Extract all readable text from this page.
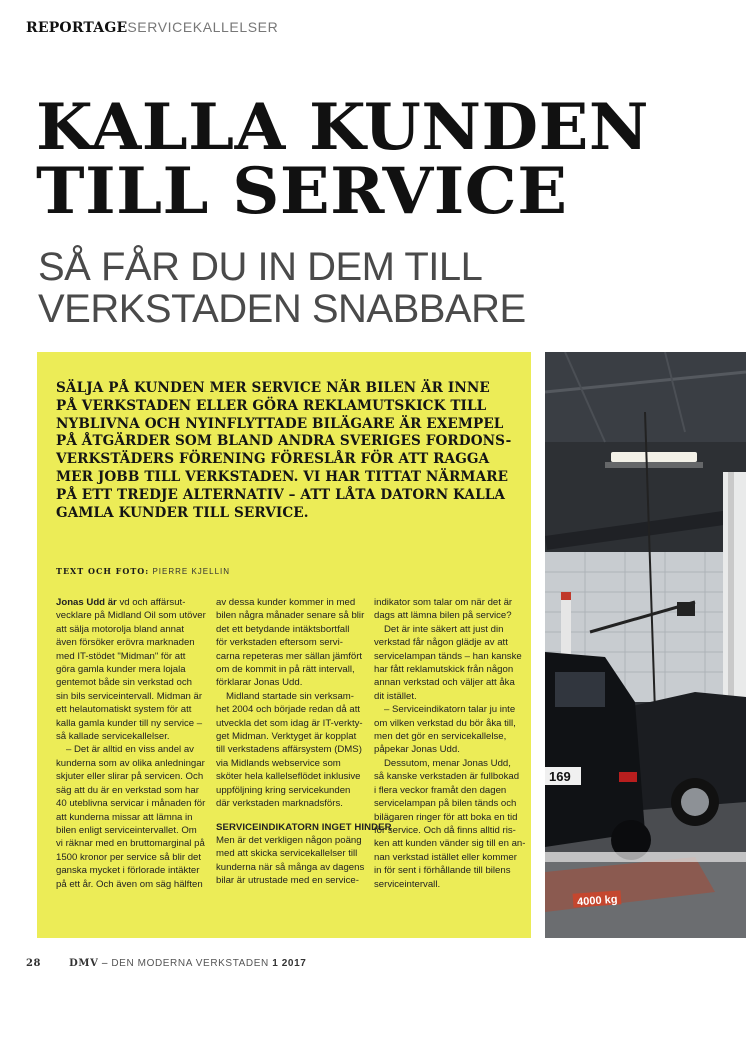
REPORTAGESERVICEKALLELSER
KALLA KUNDEN
TILL SERVICE
SÅ FÅR DU IN DEM TILL
VERKSTADEN SNABBARE

SÄLJA PÅ KUNDEN MER SERVICE NÄR BILEN ÄR INNE
PÅ VERKSTADEN ELLER GÖRA REKLAMUTSKICK TILL
NYBLIVNA OCH NYINFLYTTADE BILÄGARE ÄR EXEMPEL
PÅ ÅTGÄRDER SOM BLAND ANDRA SVERIGES FORDONS-
VERKSTÄDERS FÖRENING FÖRESLÅR FÖR ATT RAGGA
MER JOBB TILL VERKSTADEN. VI HAR TITTAT NÄRMARE
PÅ ETT TREDJE ALTERNATIV – ATT LÅTA DATORN KALLA
GAMLA KUNDER TILL SERVICE.

TEXT OCH FOTO: PIERRE KJELLIN
Jonas Udd är vd och affärsut-
vecklare på Midland Oil som utöver
att sälja motorolja bland annat
även försöker erövra marknaden
med IT-stödet "Midman" för att
göra gamla kunder mera lojala
gentemot både sin verkstad och
sin bils serviceintervall. Midman är
ett helautomatiskt system för att
kalla gamla kunder till ny service –
så kallade servicekallelser.
– Det är alltid en viss andel av
kunderna som av olika anledningar
skjuter eller slirar på servicen. Och
säg att du är en verkstad som har
40 uteblivna servicar i månaden för
att kunderna missar att lämna in
bilen enligt serviceintervallet. Om
vi räknar med en bruttomarginal på
1500 kronor per service så blir det
ganska mycket i förlorade intäkter
på ett år. Och även om säg hälften
av dessa kunder kommer in med
bilen några månader senare så blir
det ett betydande intäktsbortfall
för verkstaden eftersom servi-
carna repeteras mer sällan jämfört
om de kommit in på rätt intervall,
förklarar Jonas Udd.
Midland startade sin verksam-
het 2004 och började redan då att
utveckla det som idag är IT-verkty-
get Midman. Verktyget är kopplat
till verkstadens affärsystem (DMS)
via Midlands webservice som
sköter hela kallelseflödet inklusive
uppföljning kring servicekunden
där verkstaden marknadsförs.
SERVICEINDIKATORN INGET HINDER
Men är det verkligen någon poäng
med att skicka servicekallelser till
kunderna när så många av dagens
bilar är utrustade med en service-
indikator som talar om när det är
dags att lämna bilen på service?
Det är inte säkert att just din
verkstad får någon glädje av att
servicelampan tänds – han kanske
har fått reklamutskick från någon
annan verkstad och väljer att åka
dit istället.
– Serviceindikatorn talar ju inte
om vilken verkstad du bör åka till,
men det gör en servicekallelse,
påpekar Jonas Udd.
Dessutom, menar Jonas Udd,
så kanske verkstaden är fullbokad
i flera veckor framåt den dagen
servicelampan på bilen tänds och
bilägaren ringer för att boka en tid
för service. Och då finns alltid ris-
ken att kunden vänder sig till en an-
nan verkstad istället eller kommer
in för sent i förhållande till bilens
serviceintervall.
169
4000 kg
28	DMV – DEN MODERNA VERKSTADEN 1 2017
